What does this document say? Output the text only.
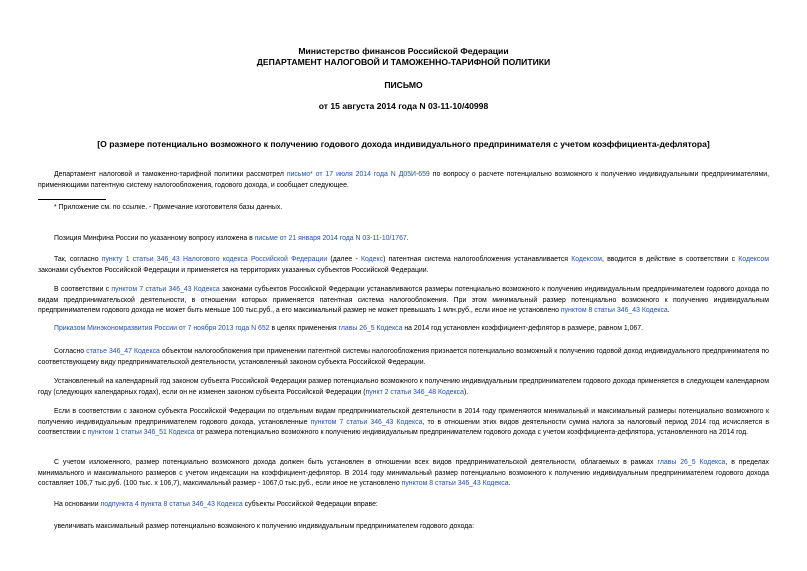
Министерство финансов Российской Федерации
ДЕПАРТАМЕНТ НАЛОГОВОЙ И ТАМОЖЕННО-ТАРИФНОЙ ПОЛИТИКИ
ПИСЬМО
от 15 августа 2014 года N 03-11-10/40998
[О размере потенциально возможного к получению годового дохода индивидуального предпринимателя с учетом коэффициента-дефлятора]
Департамент налоговой и таможенно-тарифной политики рассмотрел письмо* от 17 июля 2014 года N Д05И-659 по вопросу о расчете потенциально возможного к получению индивидуальными предпринимателями, применяющими патентную систему налогообложения, годового дохода, и сообщает следующее.
* Приложение см. по ссылке. - Примечание изготовителя базы данных.
Позиция Минфина России по указанному вопросу изложена в письме от 21 января 2014 года N 03-11-10/1767.
Так, согласно пункту 1 статьи 346_43 Налогового кодекса Российской Федерации (далее - Кодекс) патентная система налогообложения устанавливается Кодексом, вводится в действие в соответствии с Кодексом законами субъектов Российской Федерации и применяется на территориях указанных субъектов Российской Федерации.
В соответствии с пунктом 7 статьи 346_43 Кодекса законами субъектов Российской Федерации устанавливаются размеры потенциально возможного к получению индивидуальным предпринимателем годового дохода по видам предпринимательской деятельности, в отношении которых применяется патентная система налогообложения. При этом минимальный размер потенциально возможного к получению индивидуальным предпринимателем годового дохода не может быть меньше 100 тыс.руб., а его максимальный размер не может превышать 1 млн.руб., если иное не установлено пунктом 8 статьи 346_43 Кодекса.
Приказом Минэкономразвития России от 7 ноября 2013 года N 652 в целях применения главы 26_5 Кодекса на 2014 год установлен коэффициент-дефлятор в размере, равном 1,067.
Согласно статье 346_47 Кодекса объектом налогообложения при применении патентной системы налогообложения признается потенциально возможный к получению годовой доход индивидуального предпринимателя по соответствующему виду предпринимательской деятельности, установленный законом субъекта Российской Федерации.
Установленный на календарный год законом субъекта Российской Федерации размер потенциально возможного к получению индивидуальным предпринимателем годового дохода применяется в следующем календарном году (следующих календарных годах), если он не изменен законом субъекта Российской Федерации (пункт 2 статьи 346_48 Кодекса).
Если в соответствии с законом субъекта Российской Федерации по отдельным видам предпринимательской деятельности в 2014 году применяются минимальный и максимальный размеры потенциально возможного к получению индивидуальным предпринимателем годового дохода, установленные пунктом 7 статьи 346_43 Кодекса, то в отношении этих видов деятельности сумма налога за налоговый период 2014 год исчисляется в соответствии с пунктом 1 статьи 346_51 Кодекса от размера потенциально возможного к получению индивидуальным предпринимателем годового дохода с учетом коэффициента-дефлятора, установленного на 2014 год.
С учетом изложенного, размер потенциально возможного дохода должен быть установлен в отношении всех видов предпринимательской деятельности, облагаемых в рамках главы 26_5 Кодекса, в пределах минимального и максимального размеров с учетом индексации на коэффициент-дефлятор. В 2014 году минимальный размер потенциально возможного к получению индивидуальным предпринимателем годового дохода составляет 106,7 тыс.руб. (100 тыс. х 106,7), максимальный размер - 1067,0 тыс.руб., если иное не установлено пунктом 8 статьи 346_43 Кодекса.
На основании подпункта 4 пункта 8 статьи 346_43 Кодекса субъекты Российской Федерации вправе:
увеличивать максимальный размер потенциально возможного к получению индивидуальным предпринимателем годового дохода:
